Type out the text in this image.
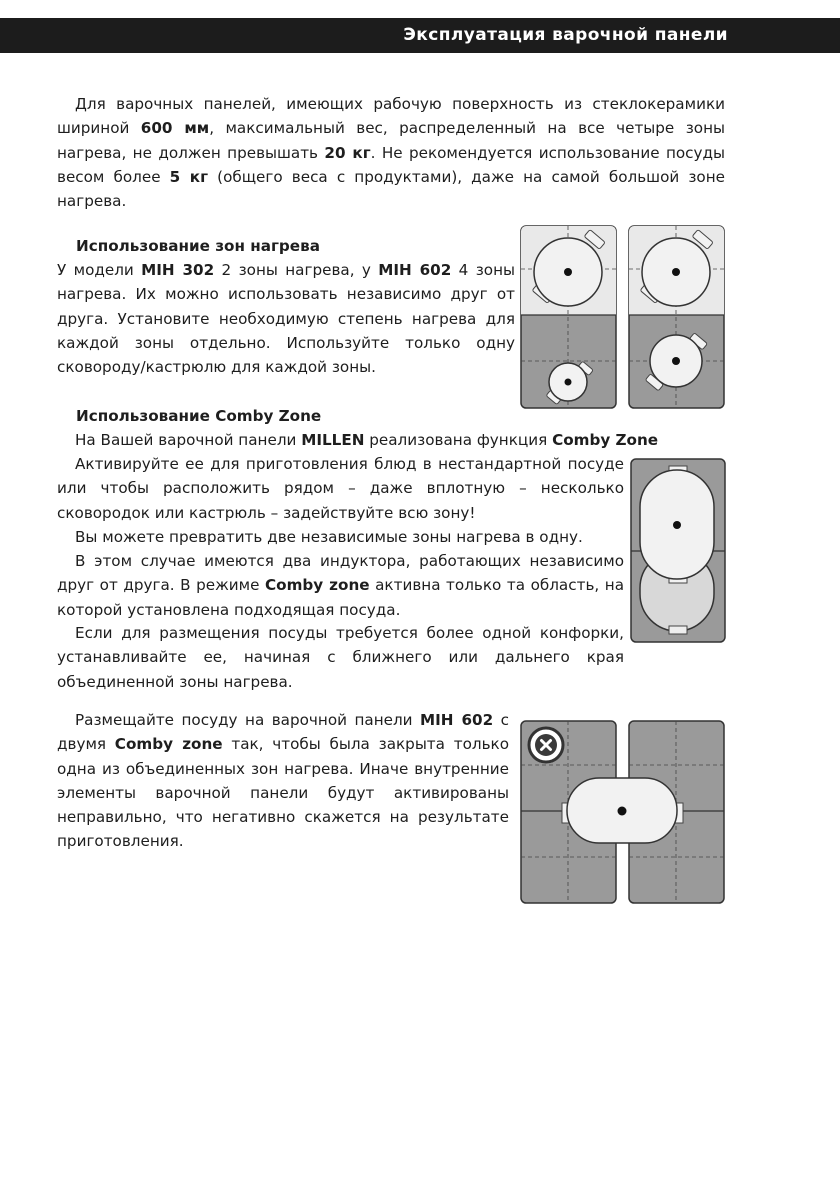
Эксплуатация варочной панели

Для варочных панелей, имеющих рабочую поверхность из стеклокерамики шириной 600 мм, максимальный вес, распределенный на все четыре зоны нагрева, не должен превышать 20 кг. Не рекомендуется использование посуды весом более 5 кг (общего веса с продуктами), даже на самой большой зоне нагрева.

Использование зон нагрева

У модели MIH 302 2 зоны нагрева, у MIH 602 4 зоны нагрева. Их можно использовать независимо друг от друга. Установите необходимую степень нагрева для каждой зоны отдельно. Используйте только одну сковороду/кастрюлю для каждой зоны.

Использование Comby Zone

На Вашей варочной панели MILLEN реализована функция Comby Zone

Активируйте ее для приготовления блюд в нестандартной посуде или чтобы расположить рядом – даже вплотную – несколько сковородок или кастрюль – задействуйте всю зону!

Вы можете превратить две независимые зоны нагрева в одну.

В этом случае имеются два индуктора, работающих независимо друг от друга. В режиме Comby zone активна только та область, на которой установлена подходящая посуда.

Если для размещения посуды требуется более одной конфорки, устанавливайте ее, начиная с ближнего или дальнего края объединенной зоны нагрева.

Размещайте посуду на варочной панели MIH 602 с двумя Comby zone так, чтобы была закрыта только одна из объединенных зон нагрева. Иначе внутренние элементы варочной панели будут активированы неправильно, что негативно скажется на результате приготовления.
